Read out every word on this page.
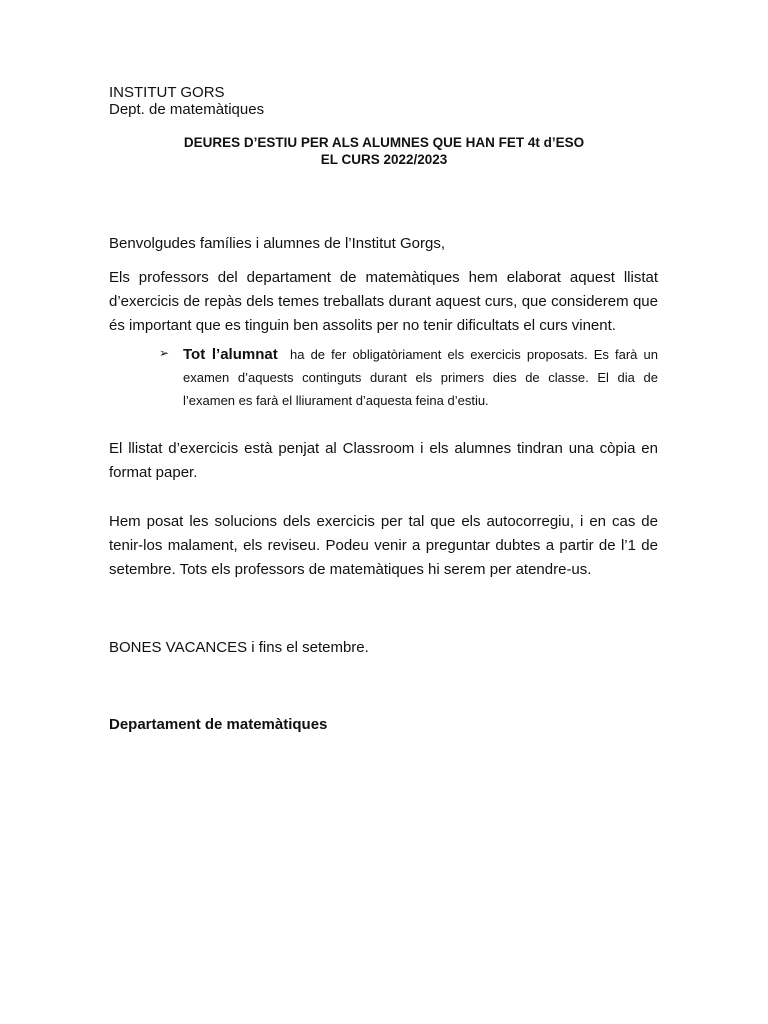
INSTITUT GORS
Dept. de matemàtiques
DEURES D’ESTIU PER ALS ALUMNES QUE HAN FET 4t d’ESO
EL CURS 2022/2023
Benvolgudes famílies i alumnes de l’Institut Gorgs,
Els professors del departament de matemàtiques hem elaborat aquest llistat d’exercicis de repàs dels temes treballats durant aquest curs, que considerem que és important que es tinguin ben assolits per no tenir dificultats el curs vinent.
➢ Tot l’alumnat ha de fer obligatòriament els exercicis proposats. Es farà un examen d’aquests continguts durant els primers dies de classe. El dia de l’examen es farà el lliurament d’aquesta feina d’estiu.
El llistat d’exercicis està penjat al Classroom i els alumnes tindran una còpia en format paper.
Hem posat les solucions dels exercicis per tal que els autocorregiu, i en cas de tenir-los malament, els reviseu. Podeu venir a preguntar dubtes a partir de l’1 de setembre. Tots els professors de matemàtiques hi serem per atendre-us.
BONES VACANCES i fins el setembre.
Departament de matemàtiques
